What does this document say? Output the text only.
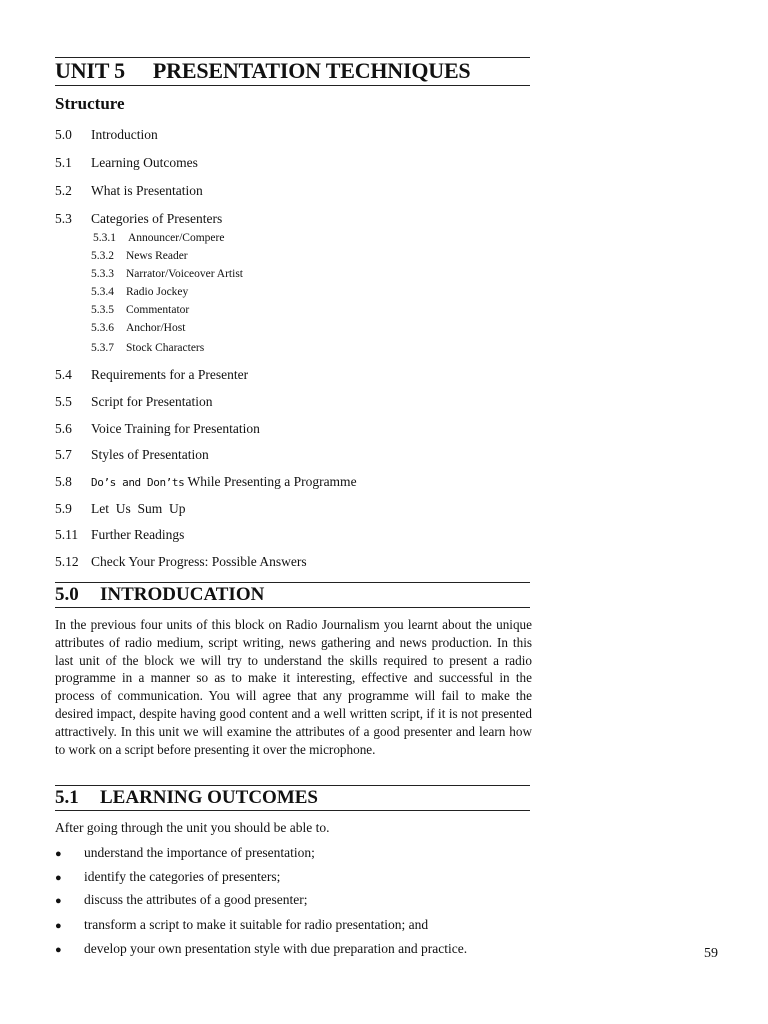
UNIT 5 PRESENTATION TECHNIQUES
Structure
5.0 Introduction
5.1 Learning Outcomes
5.2 What is Presentation
5.3 Categories of Presenters
5.3.1 Announcer/Compere
5.3.2 News Reader
5.3.3 Narrator/Voiceover Artist
5.3.4 Radio Jockey
5.3.5 Commentator
5.3.6 Anchor/Host
5.3.7 Stock Characters
5.4 Requirements for a Presenter
5.5 Script for Presentation
5.6 Voice Training for Presentation
5.7 Styles of Presentation
5.8 Do’s and Don’ts While Presenting a Programme
5.9 Let  Us  Sum  Up
5.11 Further Readings
5.12 Check Your Progress: Possible Answers
5.0 INTRODUCATION

In the previous four units of this block on Radio Journalism you learnt about the unique attributes of radio medium, script writing, news gathering and news production. In this last unit of the block we will try to understand the skills required to present a radio programme in a manner so as to make it interesting, effective and successful in the process of communication. You will agree that any programme will fail to make the desired impact, despite having good content and a well written script, if it is not presented attractively. In this unit we will examine the attributes of a good presenter and learn how to work on a script before presenting it over the microphone.

5.1 LEARNING OUTCOMES
After going through the unit you should be able to.
● understand the importance of presentation;
● identify the categories of presenters;
● discuss the attributes of a good presenter;
● transform a script to make it suitable for radio presentation; and
● develop your own presentation style with due preparation and practice.	59
